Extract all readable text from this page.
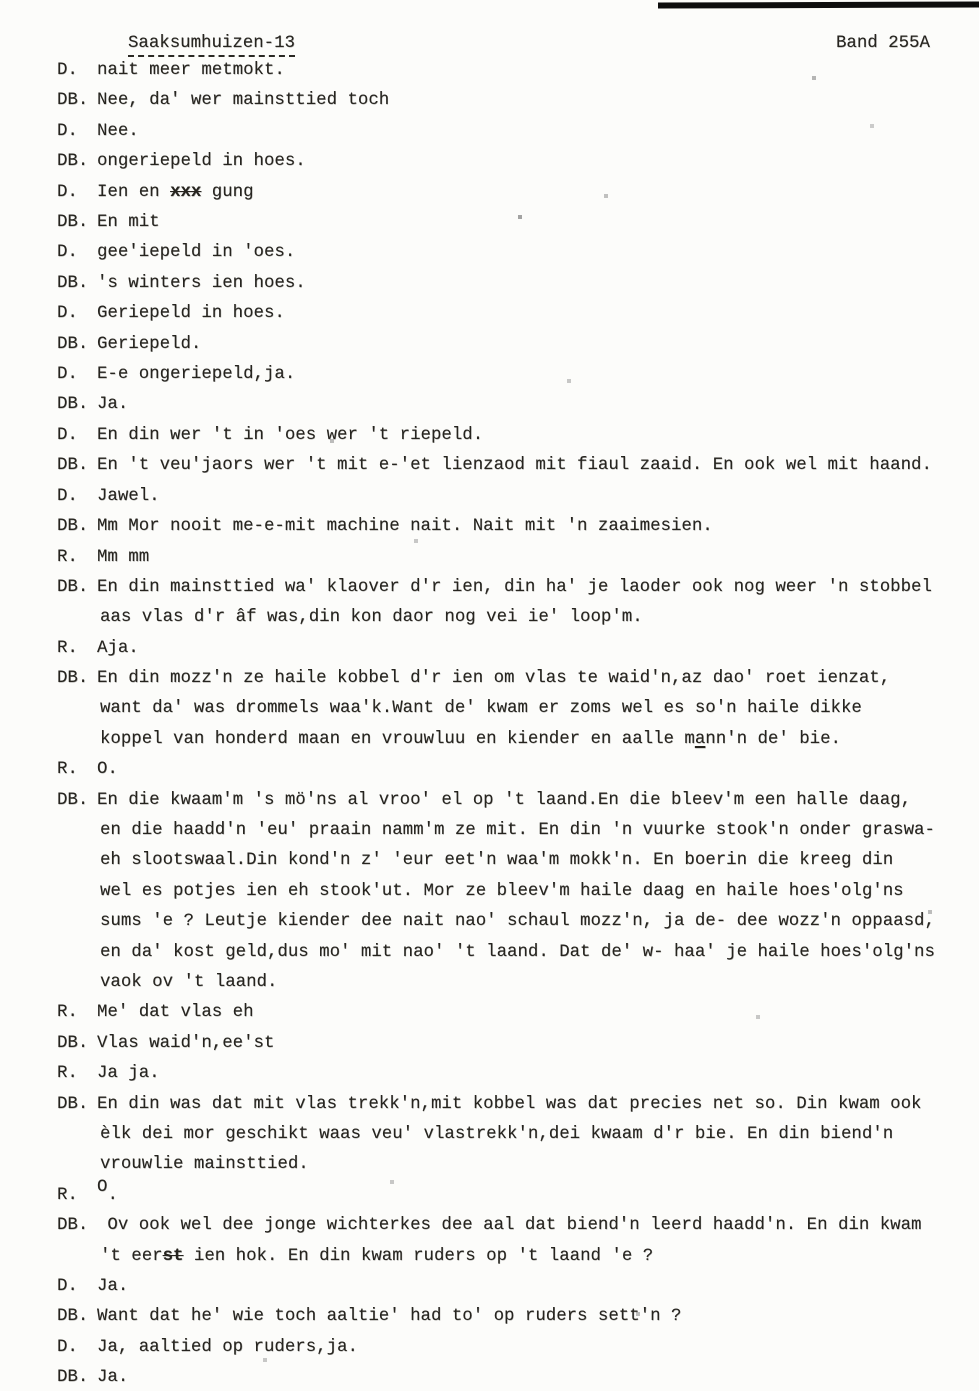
Saaksumhuizen-13	Band 255A
D.	nait meer metmokt.
DB. Nee, da' wer mainsttied toch
D.	Nee.
DB. ongeriepeld in hoes.
D.	Ien en xxx gung
DB. En mit
D.	gee'iepeld in 'oes.
DB. 's winters ien hoes.
D.	Geriepeld in hoes.
DB. Geriepeld.
D.	E-e ongeriepeld,ja.
DB. Ja.
D.	En din wer 't in 'oes wer 't riepeld.
DB. En 't veu'jaors wer 't mit e-'et lienzaod mit fiaul zaaid. En ook wel mit haand.
D.	Jawel.
DB. Mm Mor nooit me-e-mit machine nait. Nait mit 'n zaaimesien.
R.	Mm mm
DB. En din mainsttied wa' klaover d'r ien, din ha' je laoder ook nog weer 'n stobbel
aas vlas d'r âf was,din kon daor nog vei ie' loop'm.
R.	Aja.
DB. En din mozz'n ze haile kobbel d'r ien om vlas te waid'n,az dao' roet ienzat,
want da' was drommels waa'k.Want de' kwam er zoms wel es so'n haile dikke
koppel van honderd maan en vrouwluu en kiender en aalle mann'n de' bie.
R.	O.
DB. En die kwaam'm 's mö'ns al vroo' el op 't laand.En die bleev'm een halle daag,
en die haadd'n 'eu' praain namm'm ze mit. En din 'n vuurke stook'n onder graswa-
eh slootswaal.Din kond'n z' 'eur eet'n waa'm mokk'n. En boerin die kreeg din
wel es potjes ien eh stook'ut. Mor ze bleev'm haile daag en haile hoes'olg'ns
sums 'e ? Leutje kiender dee nait nao' schaul mozz'n, ja de- dee wozz'n oppaasd,
en da' kost geld,dus mo' mit nao' 't laand. Dat de' w- haa' je haile hoes'olg'ns
vaok ov 't laand.
R.	Me' dat vlas eh
DB. Vlas waid'n,ee'st
R.	Ja ja.
DB. En din was dat mit vlas trekk'n,mit kobbel was dat precies net so. Din kwam ook
èlk dei mor geschikt waas veu' vlastrekk'n,dei kwaam d'r bie. En din biend'n
vrouwlie mainsttied.
R.	O.
DB. Ov ook wel dee jonge wichterkes dee aal dat biend'n leerd haadd'n. En din kwam
't eerst ien hok. En din kwam ruders op 't laand 'e ?
D.	Ja.
DB. Want dat he' wie toch aaltie' had to' op ruders sett'n ?
D.	Ja, aaltied op ruders,ja.
DB. Ja.
